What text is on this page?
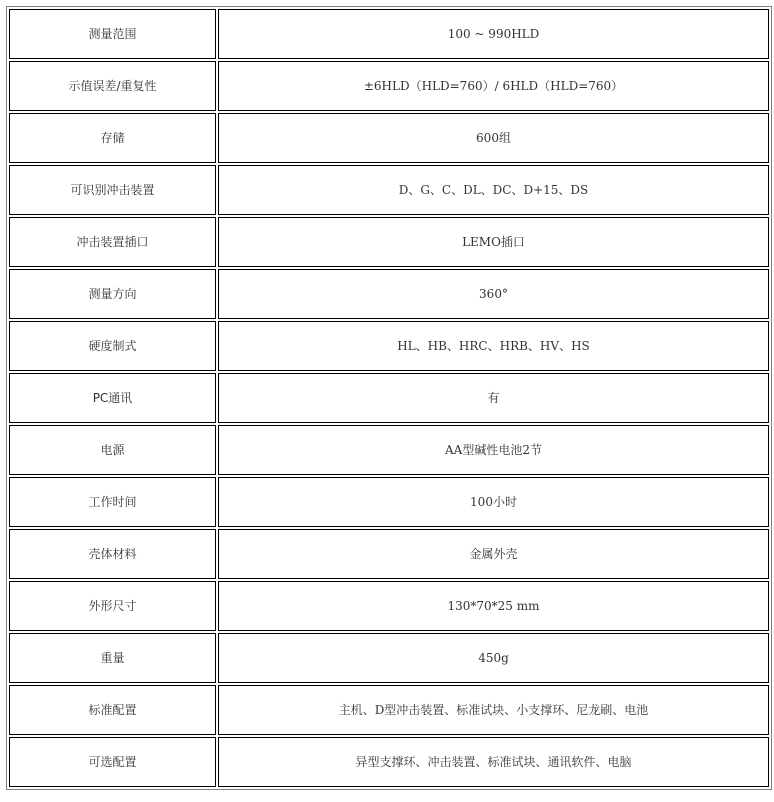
测量范围	100 ~ 990HLD
示值误差/重复性	±6HLD（HLD=760）/ 6HLD（HLD=760）
存储	600组
可识别冲击装置	D、G、C、DL、DC、D+15、DS
冲击装置插口	LEMO插口
测量方向	360°
硬度制式	HL、HB、HRC、HRB、HV、HS
PC通讯	有
电源	AA型碱性电池2节
工作时间	100小时
壳体材料	金属外壳
外形尺寸	130*70*25 mm
重量	450g
标准配置	主机、D型冲击装置、标准试块、小支撑环、尼龙刷、电池
可选配置	异型支撑环、冲击装置、标准试块、通讯软件、电脑
